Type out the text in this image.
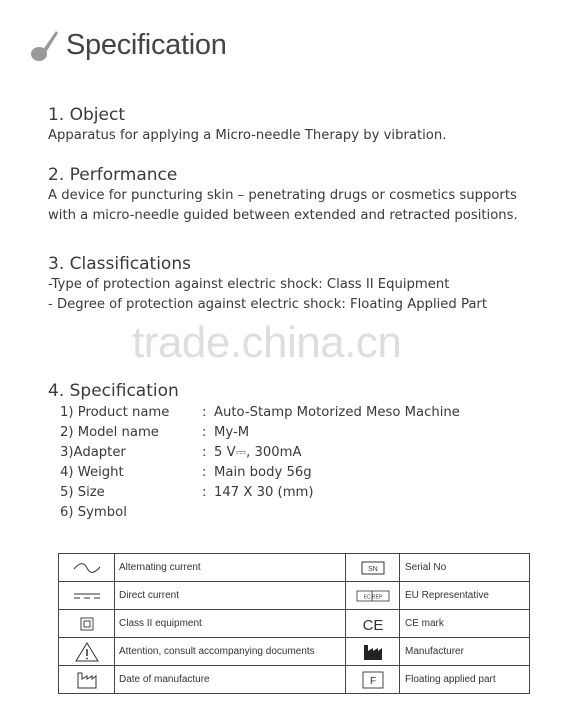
Specification
1. Object

Apparatus for applying a Micro-needle Therapy by vibration.

2. Performance

A device for puncturing skin – penetrating drugs or cosmetics supports

with a micro-needle guided between extended and retracted positions.

3. Classifications

-Type of protection against electric shock: Class II Equipment

- Degree of protection against electric shock: Floating Applied Part

trade.china.cn
4. Specification
1) Product name	: Auto-Stamp Motorized Meso Machine
2) Model name	: My-M
3)Adapter	: 5 V⎓, 300mA
4) Weight	: Main body 56g
5) Size	: 147 X 30 (mm)
6) Symbol
	Alternating current	SN	Serial No

	Direct current	EC REP	EU Representative

	Class II equipment	CE	CE mark

	Attention, consult accompanying documents		Manufacturer

	Date of manufacture	F	Floating applied part
